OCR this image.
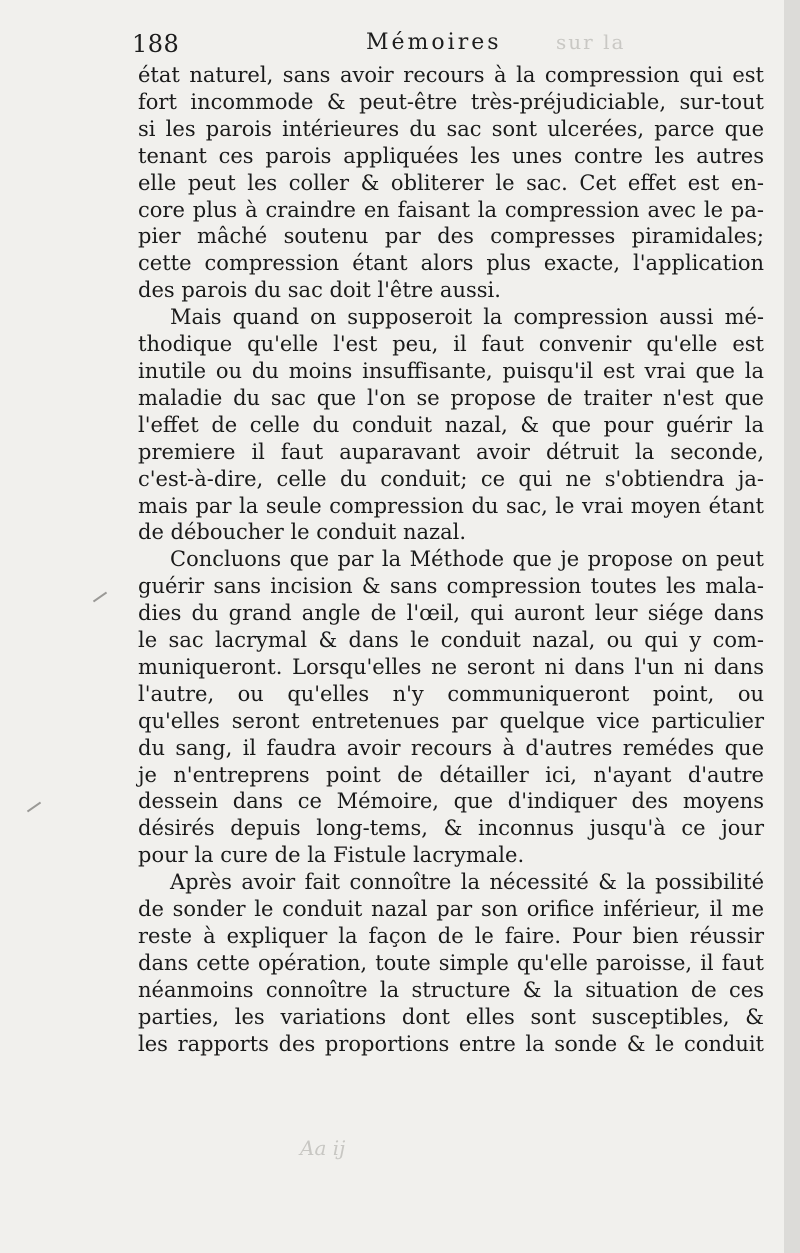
188	Mémoires	sur la
état naturel, sans avoir recours à la compression qui est
fort incommode & peut-être très-préjudiciable, sur-tout
si les parois intérieures du sac sont ulcerées, parce que
tenant ces parois appliquées les unes contre les autres
elle peut les coller & obliterer le sac. Cet effet est en-
core plus à craindre en faisant la compression avec le pa-
pier mâché soutenu par des compresses piramidales;
cette compression étant alors plus exacte, l'application
des parois du sac doit l'être aussi.
Mais quand on supposeroit la compression aussi mé-
thodique qu'elle l'est peu, il faut convenir qu'elle est
inutile ou du moins insuffisante, puisqu'il est vrai que la
maladie du sac que l'on se propose de traiter n'est que
l'effet de celle du conduit nazal, & que pour guérir la
premiere il faut auparavant avoir détruit la seconde,
c'est-à-dire, celle du conduit; ce qui ne s'obtiendra ja-
mais par la seule compression du sac, le vrai moyen étant
de déboucher le conduit nazal.
Concluons que par la Méthode que je propose on peut
guérir sans incision & sans compression toutes les mala-
dies du grand angle de l'œil, qui auront leur siége dans
le sac lacrymal & dans le conduit nazal, ou qui y com-
muniqueront. Lorsqu'elles ne seront ni dans l'un ni dans
l'autre, ou qu'elles n'y communiqueront point, ou
qu'elles seront entretenues par quelque vice particulier
du sang, il faudra avoir recours à d'autres remédes que
je n'entreprens point de détailler ici, n'ayant d'autre
dessein dans ce Mémoire, que d'indiquer des moyens
désirés depuis long-tems, & inconnus jusqu'à ce jour
pour la cure de la Fistule lacrymale.
Après avoir fait connoître la nécessité & la possibilité
de sonder le conduit nazal par son orifice inférieur, il me
reste à expliquer la façon de le faire. Pour bien réussir
dans cette opération, toute simple qu'elle paroisse, il faut
néanmoins connoître la structure & la situation de ces
parties, les variations dont elles sont susceptibles, &
les rapports des proportions entre la sonde & le conduit
Aa ij
